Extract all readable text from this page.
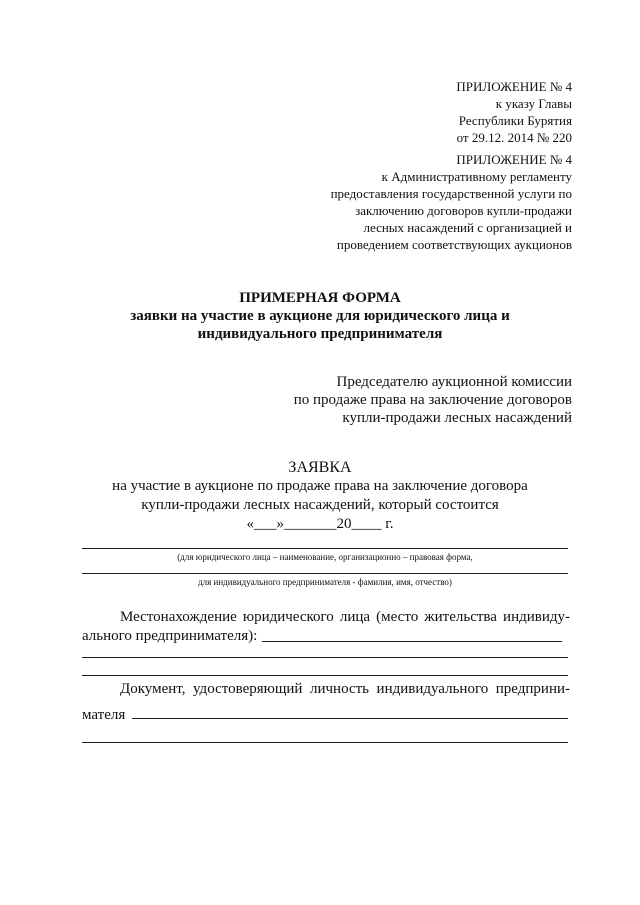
ПРИЛОЖЕНИЕ № 4
к указу Главы
Республики Бурятия
от 29.12. 2014 № 220
ПРИЛОЖЕНИЕ № 4
к Административному регламенту
предоставления государственной услуги по
заключению договоров купли-продажи
лесных насаждений с организацией и
проведением соответствующих аукционов
ПРИМЕРНАЯ ФОРМА
заявки на участие в аукционе для юридического лица и
индивидуального предпринимателя
Председателю аукционной комиссии
по продаже права на заключение договоров
купли-продажи лесных насаждений
ЗАЯВКА
на участие в аукционе по продаже права на заключение договора
купли-продажи лесных насаждений, который состоится
«___»_______20____ г.
(для юридического лица – наименование, организационно – правовая форма,
для индивидуального предпринимателя - фамилия, имя, отчество)
Местонахождение юридического лица (место жительства индивиду-
ального предпринимателя):
Документ, удостоверяющий личность индивидуального предприни-
мателя
